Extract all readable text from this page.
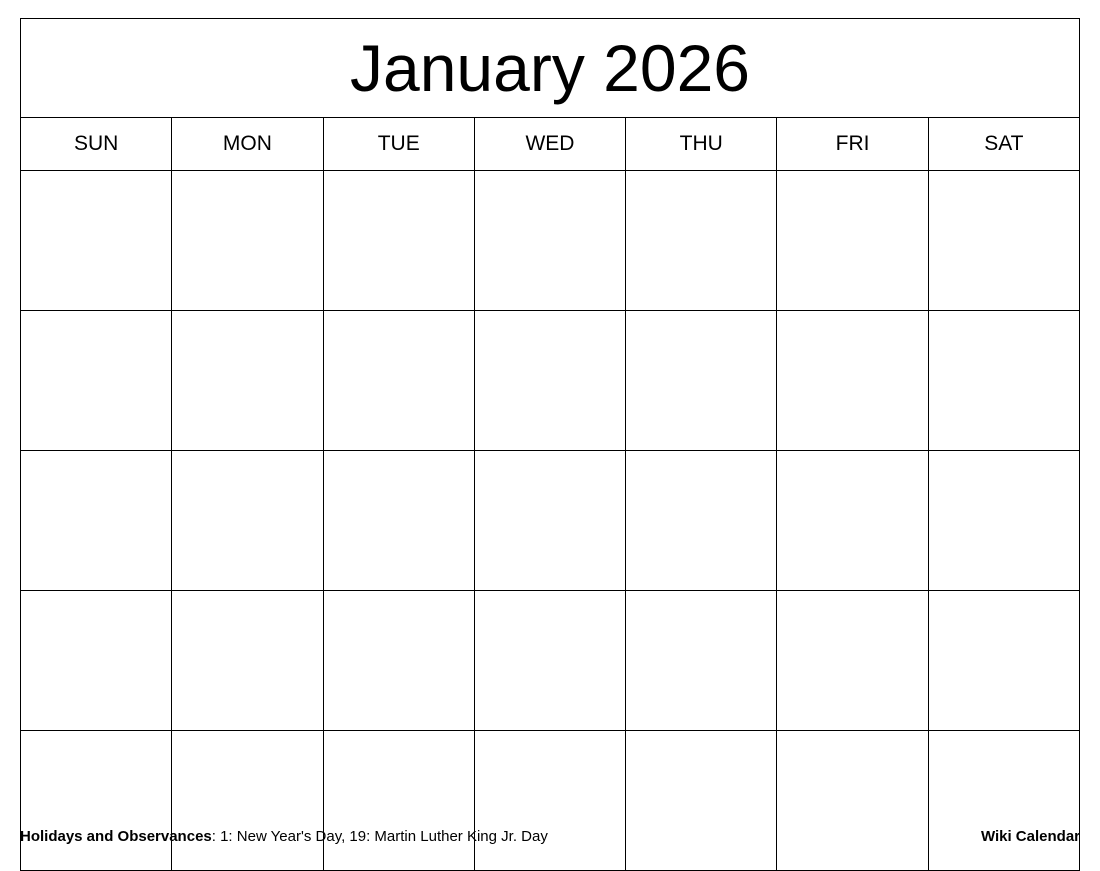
January 2026						
SUN	MON	TUE	WED	THU	FRI	SAT

Holidays and Observances: 1: New Year's Day, 19: Martin Luther King Jr. Day	Wiki Calendar
